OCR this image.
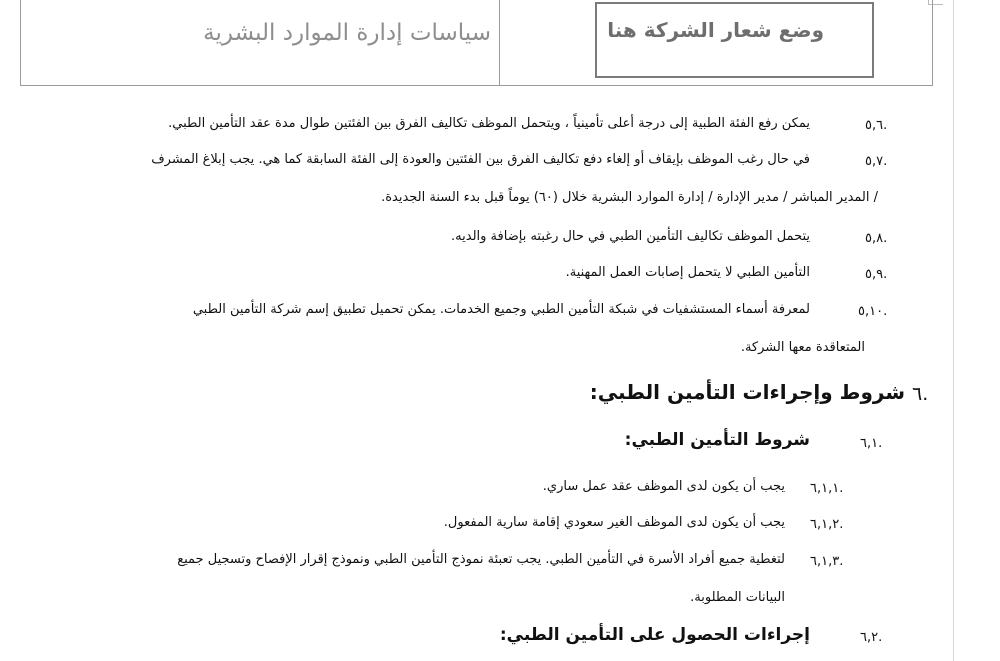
سياسات إدارة الموارد البشرية	وضع شعار الشركة هنا
٥,٦.
يمكن رفع الفئة الطبية إلى درجة أعلى تأمينياً ، ويتحمل الموظف تكاليف الفرق بين الفئتين طوال مدة عقد التأمين الطبي.
٥,٧.
في حال رغب الموظف بإيقاف أو إلغاء دفع تكاليف الفرق بين الفئتين والعودة إلى الفئة السابقة كما هي. يجب إبلاغ المشرف
/ المدير المباشر / مدير الإدارة / إدارة الموارد البشرية خلال (٦٠) يوماً قبل بدء السنة الجديدة.
٥,٨.
يتحمل الموظف تكاليف التأمين الطبي في حال رغبته بإضافة والديه.
٥,٩.
التأمين الطبي لا يتحمل إصابات العمل المهنية.
٥,١٠.
لمعرفة أسماء المستشفيات في شبكة التأمين الطبي وجميع الخدمات. يمكن تحميل تطبيق إسم شركة التأمين الطبي
المتعاقدة معها الشركة.
٦.
شروط وإجراءات التأمين الطبي:
٦,١.
شروط التأمين الطبي:
٦,١,١.
يجب أن يكون لدى الموظف عقد عمل ساري.
٦,١,٢.
يجب أن يكون لدى الموظف الغير سعودي إقامة سارية المفعول.
٦,١,٣.
لتغطية جميع أفراد الأسرة في التأمين الطبي. يجب تعبئة نموذج التأمين الطبي ونموذج إقرار الإفصاح وتسجيل جميع
البيانات المطلوبة.
٦,٢.
إجراءات الحصول على التأمين الطبي:
